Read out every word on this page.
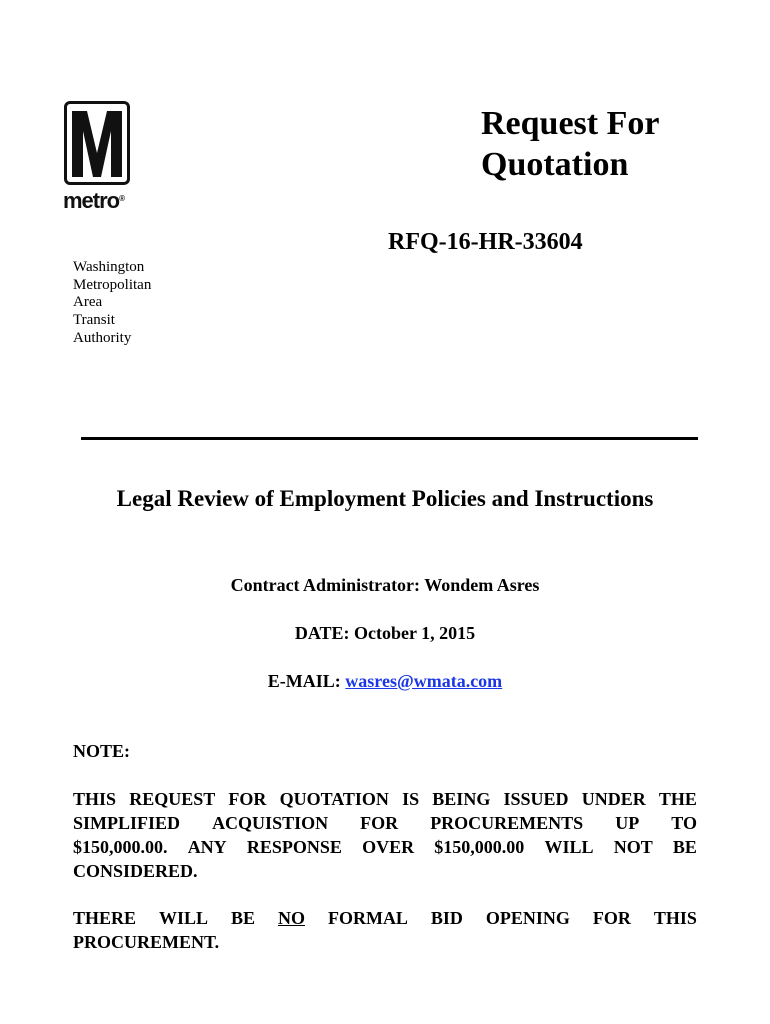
metro®
Request For
Quotation
RFQ-16-HR-33604
Washington
Metropolitan
Area
Transit
Authority
Legal Review of Employment Policies and Instructions
Contract Administrator: Wondem Asres
DATE: October 1, 2015
E-MAIL: wasres@wmata.com
NOTE:
THIS REQUEST FOR QUOTATION IS BEING ISSUED UNDER THE
SIMPLIFIED ACQUISTION FOR PROCUREMENTS UP TO
$150,000.00. ANY RESPONSE OVER $150,000.00 WILL NOT BE
CONSIDERED.
THERE WILL BE NO FORMAL BID OPENING FOR THIS
PROCUREMENT.
